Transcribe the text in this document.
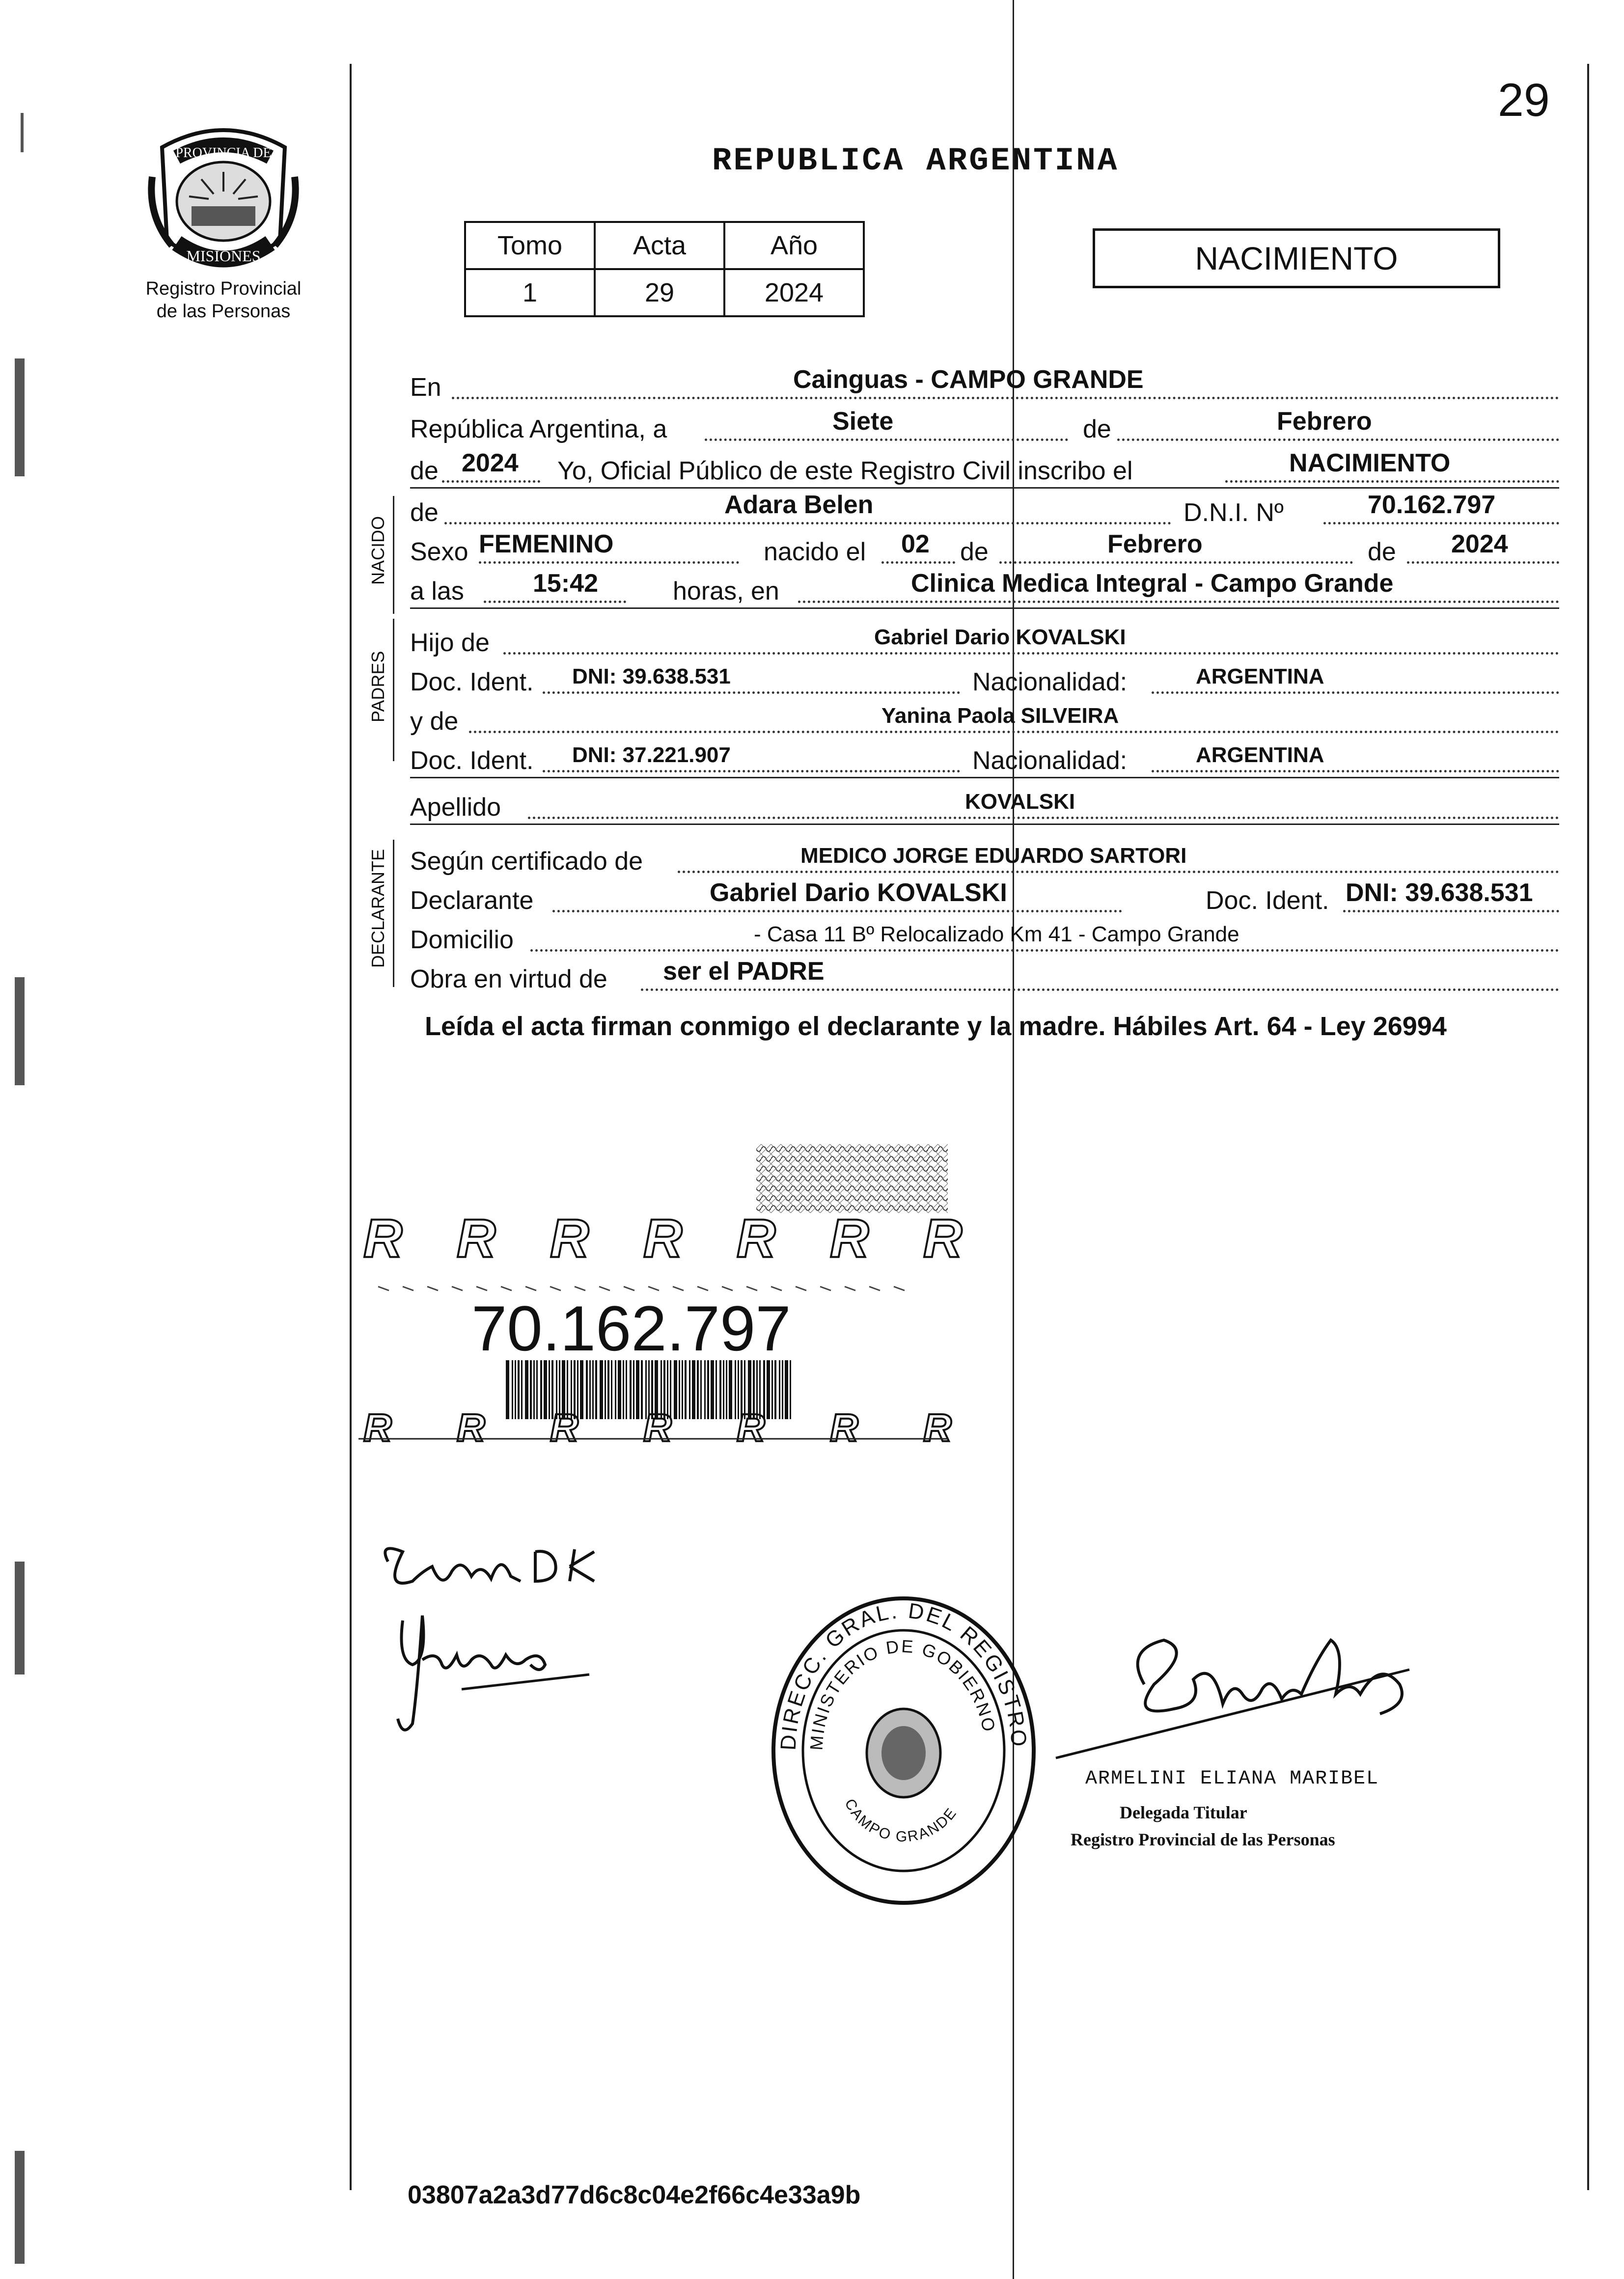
29
PROVINCIA DE
MISIONES
Registro Provincial
de las Personas
REPUBLICA ARGENTINA
Tomo	Acta	Año
1	29	2024
NACIMIENTO
En	Cainguas - CAMPO GRANDE
República Argentina, a	Siete	de	Febrero
de 2024 Yo, Oficial Público de este Registro Civil inscribo el	NACIMIENTO
NACIDO
de	Adara Belen	D.N.I. Nº	70.162.797
Sexo FEMENINO	nacido el 02 de	Febrero	de 2024
a las	15:42	horas, en	Clinica Medica Integral - Campo Grande
PADRES
Hijo de	Gabriel Dario KOVALSKI
Doc. Ident. DNI: 39.638.531	Nacionalidad:	ARGENTINA
y de	Yanina Paola SILVEIRA
Doc. Ident. DNI: 37.221.907	Nacionalidad:	ARGENTINA
Apellido	KOVALSKI
DECLARANTE Según certificado de	MEDICO JORGE EDUARDO SARTORI
Declarante	Gabriel Dario KOVALSKI	Doc. Ident. DNI: 39.638.531
Domicilio	- Casa 11 Bº Relocalizado Km 41 - Campo Grande
Obra en virtud de ser el PADRE
Leída el acta firman conmigo el declarante y la madre. Hábiles Art. 64 - Ley 26994
R R R R R R R
R R R R R R R
70.162.797
DIRECC. GRAL. DEL REGISTRO
MINISTERIO DE GOBIERNO
CAMPO GRANDE
ARMELINI ELIANA MARIBEL
Delegada Titular
Registro Provincial de las Personas
03807a2a3d77d6c8c04e2f66c4e33a9b
